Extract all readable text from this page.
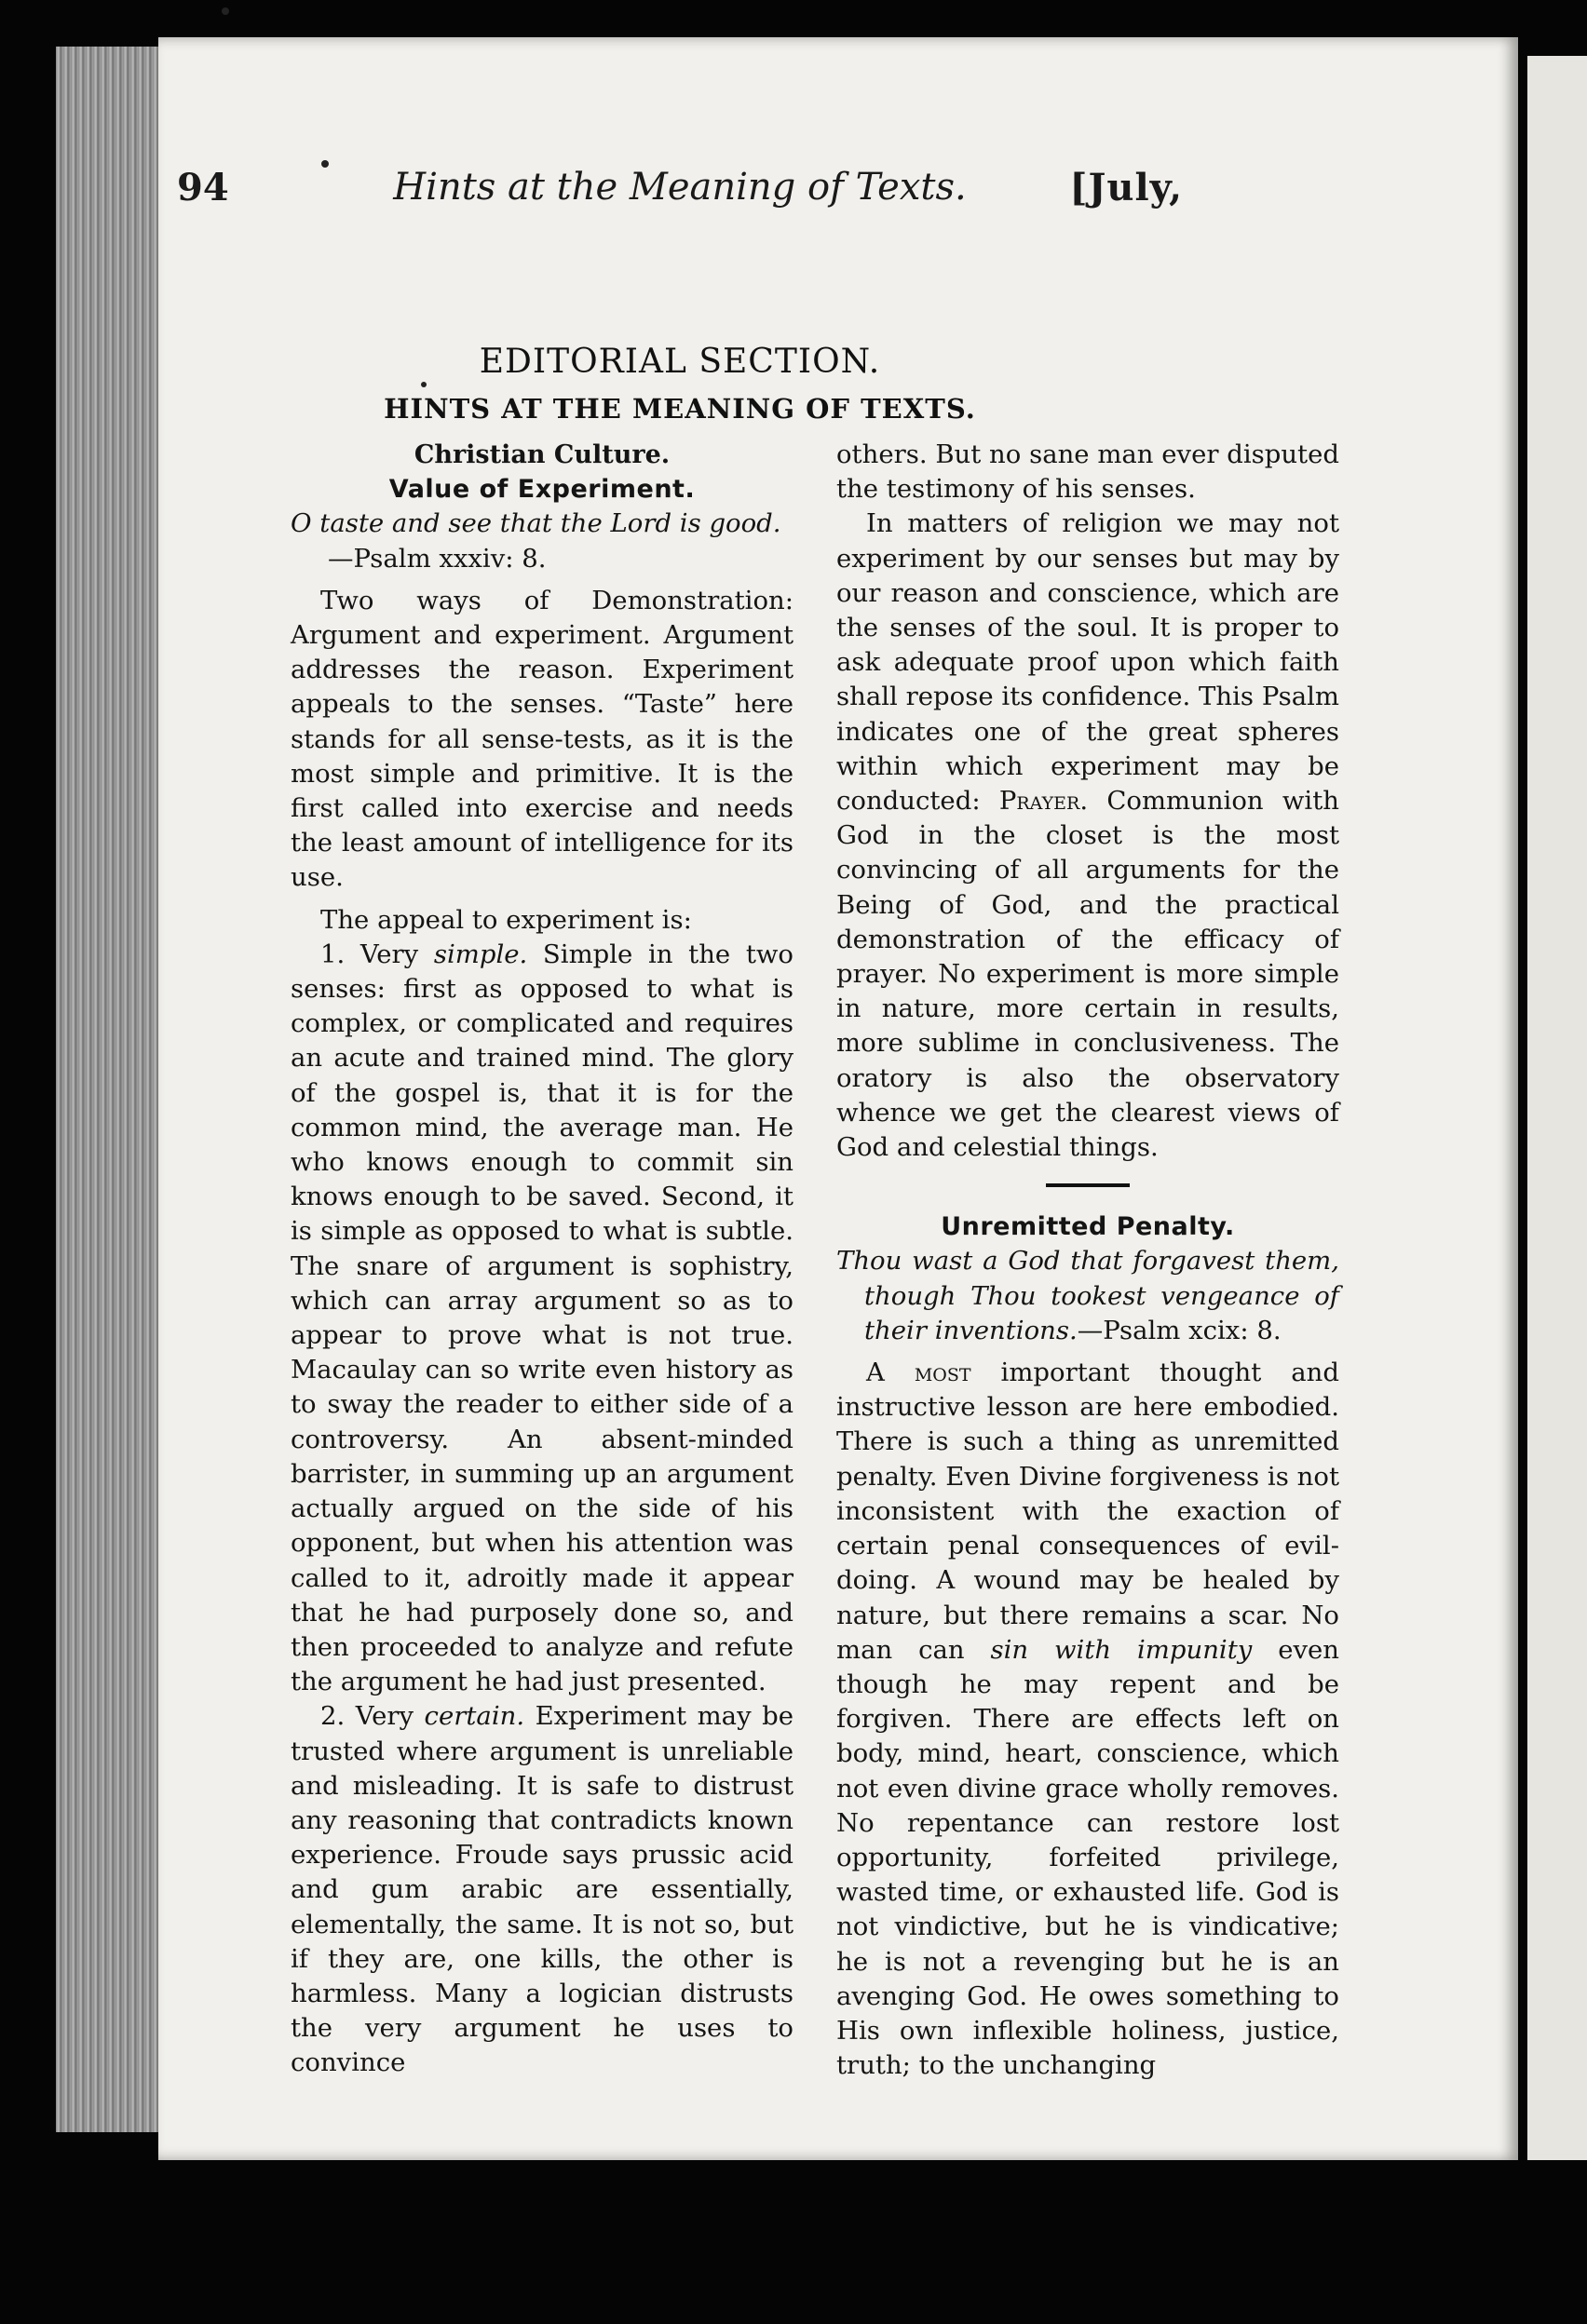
94	Hints at the Meaning of Texts.	[July,
EDITORIAL SECTION.
HINTS AT THE MEANING OF TEXTS.

Christian Culture.

Value of Experiment.

O taste and see that the Lord is good.

—Psalm xxxiv: 8.

Two ways of Demonstration: Argument and experiment. Argument addresses the reason. Experiment appeals to the senses. “Taste” here stands for all sense-tests, as it is the most simple and primitive. It is the first called into exercise and needs the least amount of intelligence for its use.

The appeal to experiment is:

1. Very simple. Simple in the two senses: first as opposed to what is complex, or complicated and requires an acute and trained mind. The glory of the gospel is, that it is for the common mind, the average man. He who knows enough to commit sin knows enough to be saved. Second, it is simple as opposed to what is subtle. The snare of argument is sophistry, which can array argument so as to appear to prove what is not true. Macaulay can so write even history as to sway the reader to either side of a controversy. An absent-minded barrister, in summing up an argument actually argued on the side of his opponent, but when his attention was called to it, adroitly made it appear that he had purposely done so, and then proceeded to analyze and refute the argument he had just presented.

2. Very certain. Experiment may be trusted where argument is unreliable and misleading. It is safe to distrust any reasoning that contradicts known experience. Froude says prussic acid and gum arabic are essentially, elementally, the same. It is not so, but if they are, one kills, the other is harmless. Many a logician distrusts the very argument he uses to convince

others. But no sane man ever disputed the testimony of his senses.

In matters of religion we may not experiment by our senses but may by our reason and conscience, which are the senses of the soul. It is proper to ask adequate proof upon which faith shall repose its confidence. This Psalm indicates one of the great spheres within which experiment may be conducted: Prayer. Communion with God in the closet is the most convincing of all arguments for the Being of God, and the practical demonstration of the efficacy of prayer. No experiment is more simple in nature, more certain in results, more sublime in conclusiveness. The oratory is also the observatory whence we get the clearest views of God and celestial things.

Unremitted Penalty.

Thou wast a God that forgavest them, though Thou tookest vengeance of their inventions.—Psalm xcix: 8.

A most important thought and instructive lesson are here embodied. There is such a thing as unremitted penalty. Even Divine forgiveness is not inconsistent with the exaction of certain penal consequences of evil-doing. A wound may be healed by nature, but there remains a scar. No man can sin with impunity even though he may repent and be forgiven. There are effects left on body, mind, heart, conscience, which not even divine grace wholly removes. No repentance can restore lost opportunity, forfeited privilege, wasted time, or exhausted life. God is not vindictive, but he is vindicative; he is not a revenging but he is an avenging God. He owes something to His own inflexible holiness, justice, truth; to the unchanging
